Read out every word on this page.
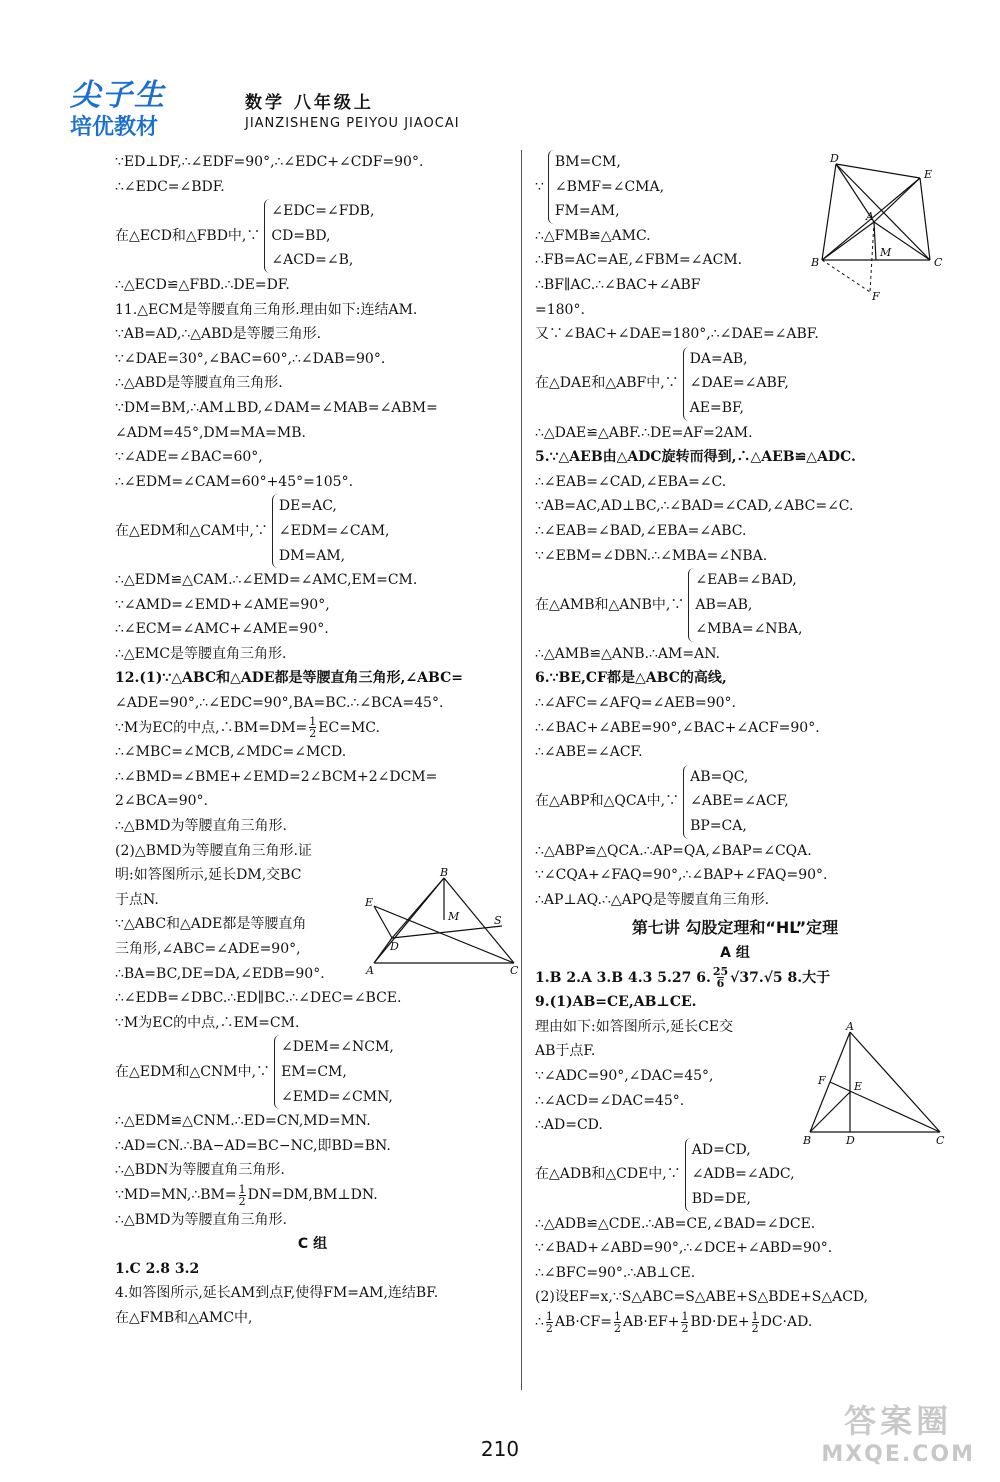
尖子生
培优教材
数学 八年级上
JIANZISHENG PEIYOU JIAOCAI
∵ED⊥DF,∴∠EDF=90°,∴∠EDC+∠CDF=90°.
∴∠EDC=∠BDF.
在△ECD和△FBD中,∵
∠EDC=∠FDB,
CD=BD,
∠ACD=∠B,
∴△ECD≌△FBD.∴DE=DF.
11.△ECM是等腰直角三角形.理由如下:连结AM.
∵AB=AD,∴△ABD是等腰三角形.
∵∠DAE=30°,∠BAC=60°,∴∠DAB=90°.
∴△ABD是等腰直角三角形.
∵DM=BM,∴AM⊥BD,∠DAM=∠MAB=∠ABM=
∠ADM=45°,DM=MA=MB.
∵∠ADE=∠BAC=60°,
∴∠EDM=∠CAM=60°+45°=105°.
在△EDM和△CAM中,∵
DE=AC,
∠EDM=∠CAM,
DM=AM,
∴△EDM≌△CAM.∴∠EMD=∠AMC,EM=CM.
∵∠AMD=∠EMD+∠AME=90°,
∴∠ECM=∠AMC+∠AME=90°.
∴△EMC是等腰直角三角形.
12.(1)∵△ABC和△ADE都是等腰直角三角形,∠ABC=
∠ADE=90°,∴∠EDC=90°,BA=BC.∴∠BCA=45°.
∵M为EC的中点,∴BM=DM= $\frac{1}{2} EC=MC$.
∴∠MBC=∠MCB,∠MDC=∠MCD.
∴∠BMD=∠BME+∠EMD=2∠BCM+2∠DCM=
2∠BCA=90°.
∴△BMD为等腰直角三角形.
(2)△BMD为等腰直角三角形.证
明:如答图所示,延长DM,交BC
于点N.
∵△ABC和△ADE都是等腰直角
三角形,∠ABC=∠ADE=90°,
∴BA=BC,DE=DA,∠EDB=90°.
∴∠EDB=∠DBC.∴ED∥BC.∴∠DEC=∠BCE.
∵M为EC的中点,∴EM=CM.
在△EDM和△CNM中,∵
∠DEM=∠NCM,
EM=CM,
∠EMD=∠CMN,
∴△EDM≌△CNM.∴ED=CN,MD=MN.
∴AD=CN.∴BA−AD=BC−NC,即BD=BN.
∴△BDN为等腰直角三角形.
∵MD=MN,∴BM= $\frac{1}{2}$ DN=DM,BM⊥DN.
∴△BMD为等腰直角三角形.
C 组
1.C 2.8 3.2
4.如答图所示,延长AM到点F,使得FM=AM,连结BF.
在△FMB和△AMC中,
E
B
M	S
D
A	C
∵
BM=CM,
∠BMF=∠CMA,
FM=AM,
∴△FMB≌△AMC.
∴FB=AC=AE,∠FBM=∠ACM.
∴BF∥AC.∴∠BAC+∠ABF
=180°.
又∵∠BAC+∠DAE=180°,∴∠DAE=∠ABF.
在△DAE和△ABF中,∵
DA=AB,
∠DAE=∠ABF,
AE=BF,
∴△DAE≌△ABF.∴DE=AF=2AM.
5.∵△AEB由△ADC旋转而得到,∴△AEB≌△ADC.
∴∠EAB=∠CAD,∠EBA=∠C.
∵AB=AC,AD⊥BC,∴∠BAD=∠CAD,∠ABC=∠C.
∴∠EAB=∠BAD,∠EBA=∠ABC.
∵∠EBM=∠DBN.∴∠MBA=∠NBA.
在△AMB和△ANB中,∵
∠EAB=∠BAD,
AB=AB,
∠MBA=∠NBA,
∴△AMB≌△ANB.∴AM=AN.
6.∵BE,CF都是△ABC的高线,
∴∠AFC=∠AFQ=∠AEB=90°.
∴∠BAC+∠ABE=90°,∠BAC+∠ACF=90°.
∴∠ABE=∠ACF.
在△ABP和△QCA中,∵
AB=QC,
∠ABE=∠ACF,
BP=CA,
∴△ABP≌△QCA.∴AP=QA,∠BAP=∠CQA.
∵∠CQA+∠FAQ=90°,∴∠BAP+∠FAQ=90°.
∴AP⊥AQ.∴△APQ是等腰直角三角形.
第七讲 勾股定理和“HL”定理
A 组
1.B 2.A 3.B 4.3 5.27 6. $\frac{25}{6} √3$ 7.√5 8.大于
9.(1)AB=CE,AB⊥CE.
理由如下:如答图所示,延长CE交
AB于点F.
∵∠ADC=90°,∠DAC=45°,
∴∠ACD=∠DAC=45°.
∴AD=CD.
在△ADB和△CDE中,∵
AD=CD,
∠ADB=∠ADC,
BD=DE,
∴△ADB≌△CDE.∴AB=CE,∠BAD=∠DCE.
∵∠BAD+∠ABD=90°,∴∠DCE+∠ABD=90°.
∴∠BFC=90°.∴AB⊥CE.
(2)设EF=x,∵S△ABC=S△ABE+S△BDE+S△ACD,
∴ $\frac{1}{2} AB\cdot CF= \frac{1}{2} AB\cdot EF+ \frac{1}{2} BD\cdot DE+ \frac{1}{2} DC\cdot AD$.
D
E
A
M
B	C
F
A
F	E
B	D	C
210
答案圈
MXQE.COM
